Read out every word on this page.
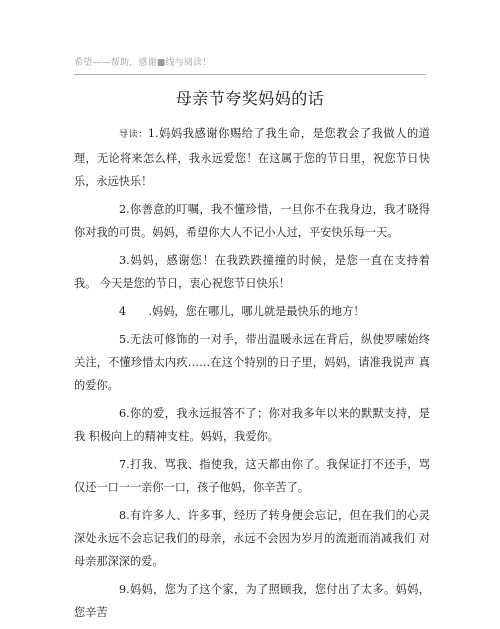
希望——帮助，感谢■线与阅读！
母亲节夸奖妈妈的话

导读：1.妈妈我感谢你赐给了我生命，是您教会了我做人的道 理，无论将来怎么样，我永远爱您！在这属于您的节日里，祝您节日快 乐，永远快乐！

2.你善意的叮嘱，我不懂珍惜，一旦你不在我身边，我才晓得 你对我的可贵。妈妈，希望你大人不记小人过，平安快乐每一天。

3.妈妈，感谢您！在我跌跌撞撞的时候，是您一直在支持着我。 今天是您的节日，衷心祝您节日快乐！

4　　.妈妈，您在哪儿，哪儿就是最快乐的地方！

5.无法可修饰的一对手，带出温暖永远在背后，纵使罗嗦始终 关注，不懂珍惜太内疚……在这个特别的日子里，妈妈，请准我说声 真的爱你。

6.你的爱，我永远报答不了；你对我多年以来的默默支持，是我 积极向上的精神支柱。妈妈，我爱你。

7.打我、骂我、指使我，这天都由你了。我保证打不还手，骂 仅还一口一一亲你一口，孩子他妈，你辛苦了。

8.有许多人、许多事，经历了转身便会忘记，但在我们的心灵 深处永远不会忘记我们的母亲，永远不会因为岁月的流逝而消减我们 对母亲那深深的爱。

9.妈妈，您为了这个家，为了照顾我，您付出了太多。妈妈， 您辛苦
